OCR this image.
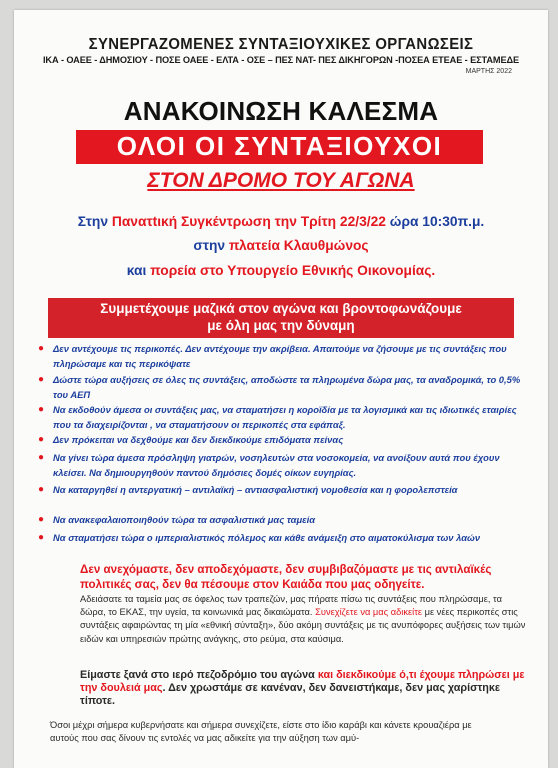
ΣΥΝΕΡΓΑΖΟΜΕΝΕΣ ΣΥΝΤΑΞΙΟΥΧΙΚΕΣ ΟΡΓΑΝΩΣΕΙΣ
ΙΚΑ - ΟΑΕΕ - ΔΗΜΟΣΙΟΥ - ΠΟΣΕ ΟΑΕΕ - ΕΛΤΑ - ΟΣΕ – ΠΕΣ ΝΑΤ- ΠΕΣ ΔΙΚΗΓΟΡΩΝ -ΠΟΣΕΑ ΕΤΕΑΕ - ΕΣΤΑΜΕΔΕ
ΜΑΡΤΗΣ 2022
ΑΝΑΚΟΙΝΩΣΗ ΚΑΛΕΣΜΑ
ΟΛΟΙ ΟΙ ΣΥΝΤΑΞΙΟΥΧΟΙ
ΣΤΟΝ ΔΡΟΜΟ ΤΟΥ ΑΓΩΝΑ
Στην Πανατtική Συγκέντρωση την Τρίτη 22/3/22 ώρα 10:30π.μ.
στην πλατεία Κλαυθμώνος
και πορεία στο Υπουργείο Εθνικής Οικονομίας.
Συμμετέχουμε μαζικά στον αγώνα και βροντοφωνάζουμε
με όλη μας την δύναμη
● Δεν αντέχουμε τις περικοπές. Δεν αντέχουμε την ακρίβεια. Απαιτούμε να ζήσουμε με τις συντάξεις που πληρώσαμε και τις περικόψατε
● Δώστε τώρα αυξήσεις σε όλες τις συντάξεις, αποδώστε τα πληρωμένα δώρα μας, τα αναδρομικά, το 0,5% του ΑΕΠ
● Να εκδοθούν άμεσα οι συντάξεις μας, να σταματήσει η κοροϊδία με τα λογισμικά και τις ιδιωτικές εταιρίες που τα διαχειρίζονται , να σταματήσουν οι περικοπές στα εφάπαξ.
● Δεν πρόκειται να δεχθούμε και δεν διεκδικούμε επιδόματα πείνας
● Να γίνει τώρα άμεσα πρόσληψη γιατρών, νοσηλευτών στα νοσοκομεία, να ανοίξουν αυτά που έχουν κλείσει. Να δημιουργηθούν παντού δημόσιες δομές οίκων ευγηρίας.
● Να καταργηθεί η αντεργατική – αντιλαϊκή – αντιασφαλιστική νομοθεσία και η φορολεπστεία
● Να ανακεφαλαιοποιηθούν τώρα τα ασφαλιστικά μας ταμεία
● Να σταματήσει τώρα ο ιμπεριαλιστικός πόλεμος και κάθε ανάμειξη στο αιματοκύλισμα των λαών
Δεν ανεχόμαστε, δεν αποδεχόμαστε, δεν συμβιβαζόμαστε με τις αντιλαϊκές πολιτικές σας, δεν θα πέσουμε στον Καιάδα που μας οδηγείτε.
Αδειάσατε τα ταμεία μας σε όφελος των τραπεζών, μας πήρατε πίσω τις συντάξεις που πληρώσαμε, τα δώρα, το ΕΚΑΣ, την υγεία, τα κοινωνικά μας δικαιώματα. Συνεχίζετε να μας αδικείτε με νέες περικοπές στις συντάξεις αφαιρώντας τη μία «εθνική σύνταξη», δύο ακόμη συντάξεις με τις ανυπόφορες αυξήσεις των τιμών ειδών και υπηρεσιών πρώτης ανάγκης, στο ρεύμα, στα καύσιμα.
Είμαστε ξανά στο ιερό πεζοδρόμιο του αγώνα και διεκδικούμε ό,τι έχουμε πληρώσει με την δουλειά μας. Δεν χρωστάμε σε κανέναν, δεν δανειστήκαμε, δεν μας χαρίστηκε τίποτε.
Όσοι μέχρι σήμερα κυβερνήσατε και σήμερα συνεχίζετε, είστε στο ίδιο καράβι και κάνετε κρουαζιέρα με αυτούς που σας δίνουν τις εντολές να μας αδικείτε για την αύξηση των αμύ-
